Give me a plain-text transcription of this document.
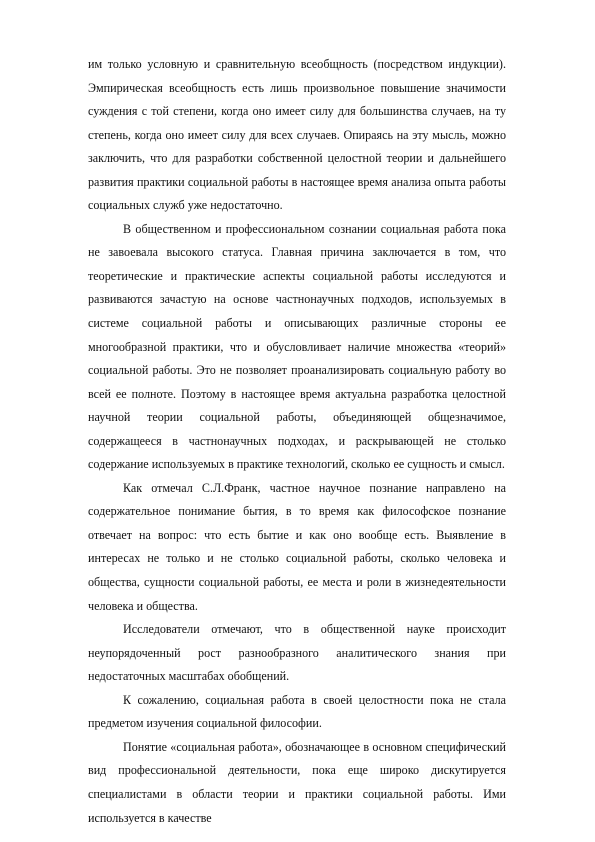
им только условную и сравнительную всеобщность (посредством индукции). Эмпирическая всеобщность есть лишь произвольное повышение значимости суждения с той степени, когда оно имеет силу для большинства случаев, на ту степень, когда оно имеет силу для всех случаев. Опираясь на эту мысль, можно заключить, что для разработки собственной целостной теории и дальнейшего развития практики социальной работы в настоящее время анализа опыта работы социальных служб уже недостаточно.

В общественном и профессиональном сознании социальная работа пока не завоевала высокого статуса. Главная причина заключается в том, что теоретические и практические аспекты социальной работы исследуются и развиваются зачастую на основе частнонаучных подходов, используемых в системе социальной работы и описывающих различные стороны ее многообразной практики, что и обусловливает наличие множества «теорий» социальной работы. Это не позволяет проанализировать социальную работу во всей ее полноте. Поэтому в настоящее время актуальна разработка целостной научной теории социальной работы, объединяющей общезначимое, содержащееся в частнонаучных подходах, и раскрывающей не столько содержание используемых в практике технологий, сколько ее сущность и смысл.

Как отмечал С.Л.Франк, частное научное познание направлено на содержательное понимание бытия, в то время как философское познание отвечает на вопрос: что есть бытие и как оно вообще есть. Выявление в интересах не только и не столько социальной работы, сколько человека и общества, сущности социальной работы, ее места и роли в жизнедеятельности человека и общества.

Исследователи отмечают, что в общественной науке происходит неупорядоченный рост разнообразного аналитического знания при недостаточных масштабах обобщений.

К сожалению, социальная работа в своей целостности пока не стала предметом изучения социальной философии.

Понятие «социальная работа», обозначающее в основном специфический вид профессиональной деятельности, пока еще широко дискутируется специалистами в области теории и практики социальной работы. Ими используется в качестве
